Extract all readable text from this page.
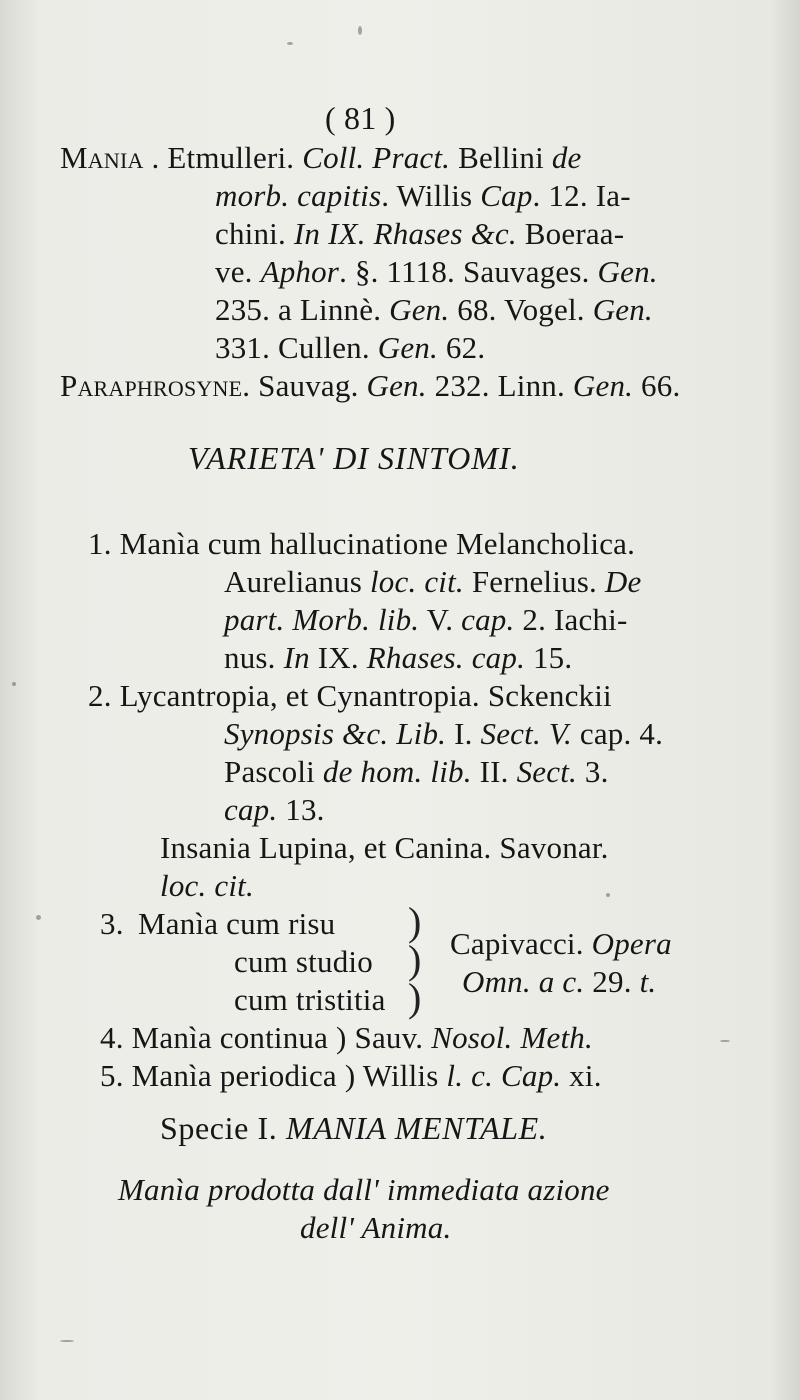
( 81 )
Mania . Etmulleri. Coll. Pract. Bellini de
morb. capitis. Willis Cap. 12. Ia-
chini. In IX. Rhases &c. Boeraa-
ve. Aphor. §. 1118. Sauvages. Gen.
235. a Linnè. Gen. 68. Vogel. Gen.
331. Cullen. Gen. 62.
Paraphrosyne. Sauvag. Gen. 232. Linn. Gen. 66.
VARIETA' DI SINTOMI.
1. Manìa cum hallucinatione Melancholica.
Aurelianus loc. cit. Fernelius. De
part. Morb. lib. V. cap. 2. Iachi-
nus. In IX. Rhases. cap. 15.
2. Lycantropia, et Cynantropia. Sckenckii
Synopsis &c. Lib. I. Sect. V. cap. 4.
Pascoli de hom. lib. II. Sect. 3.
cap. 13.
Insania Lupina, et Canina. Savonar.
loc. cit.
3. Manìa cum risu
cum studio
cum tristitia
)
)
)
Capivacci. Opera
Omn. a c. 29. t.
4. Manìa continua ) Sauv. Nosol. Meth.
5. Manìa periodica ) Willis l. c. Cap. xi.
Specie I. MANIA MENTALE.
Manìa prodotta dall' immediata azione
dell' Anima.
